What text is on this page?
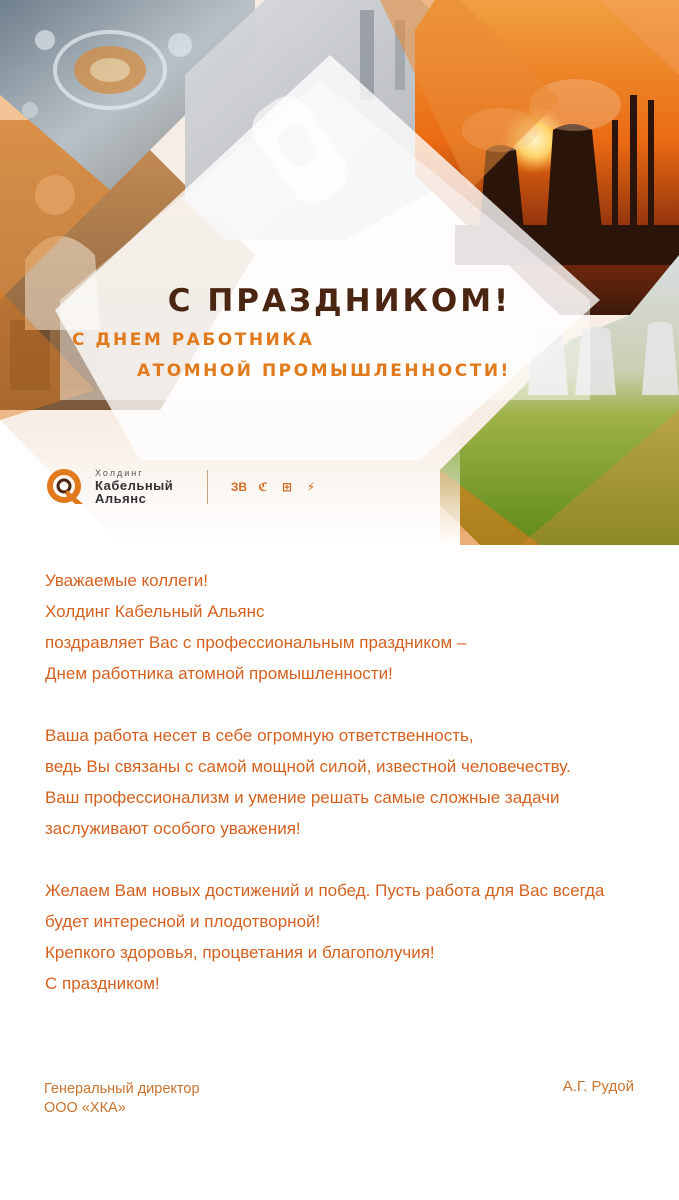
С ПРАЗДНИКОМ!

С ДНЕМ РАБОТНИКА

АТОМНОЙ ПРОМЫШЛЕННОСТИ!

Холдинг
Кабельный
Альянс
ЗВ ℭ	⊞	⚡

Уважаемые коллеги!

Холдинг Кабельный Альянс

поздравляет Вас с профессиональным праздником –

Днем работника атомной промышленности!

Ваша работа несет в себе огромную ответственность,

ведь Вы связаны с самой мощной силой, известной человечеству.

Ваш профессионализм и умение решать самые сложные задачи

заслуживают особого уважения!

Желаем Вам новых достижений и побед. Пусть работа для Вас всегда

будет интересной и плодотворной!

Крепкого здоровья, процветания и благополучия!

С праздником!

Генеральный директор

ООО «ХКА»

А.Г. Рудой
